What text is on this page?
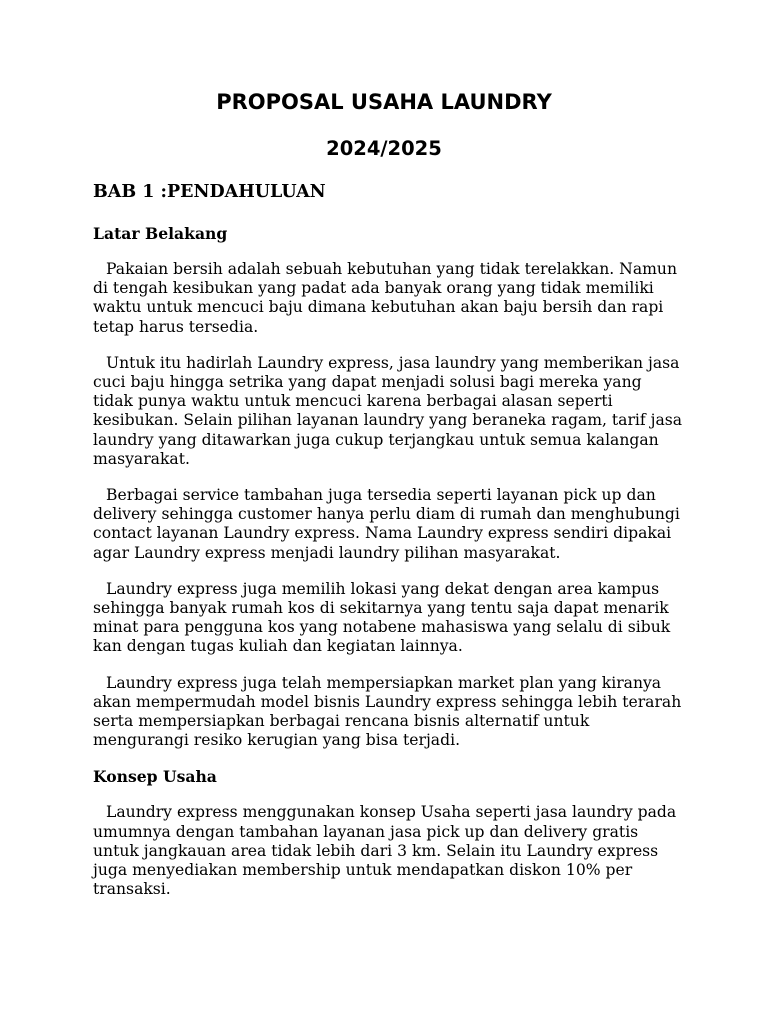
PROPOSAL USAHA LAUNDRY
2024/2025
BAB 1 :PENDAHULUAN
Latar Belakang

Pakaian bersih adalah sebuah kebutuhan yang tidak terelakkan. Namun di tengah kesibukan yang padat ada banyak orang yang tidak memiliki waktu untuk mencuci baju dimana kebutuhan akan baju bersih dan rapi tetap harus tersedia.

Untuk itu hadirlah Laundry express, jasa laundry yang memberikan jasa cuci baju hingga setrika yang dapat menjadi solusi bagi mereka yang tidak punya waktu untuk mencuci karena berbagai alasan seperti kesibukan. Selain pilihan layanan laundry yang beraneka ragam, tarif jasa laundry yang ditawarkan juga cukup terjangkau untuk semua kalangan masyarakat.

Berbagai service tambahan juga tersedia seperti layanan pick up dan delivery sehingga customer hanya perlu diam di rumah dan menghubungi contact layanan Laundry express. Nama Laundry express sendiri dipakai agar Laundry express menjadi laundry pilihan masyarakat.

Laundry express juga memilih lokasi yang dekat dengan area kampus sehingga banyak rumah kos di sekitarnya yang tentu saja dapat menarik minat para pengguna kos yang notabene mahasiswa yang selalu di sibuk kan dengan tugas kuliah dan kegiatan lainnya.

Laundry express juga telah mempersiapkan market plan yang kiranya akan mempermudah model bisnis Laundry express sehingga lebih terarah serta mempersiapkan berbagai rencana bisnis alternatif untuk mengurangi resiko kerugian yang bisa terjadi.

Konsep Usaha

Laundry express menggunakan konsep Usaha seperti jasa laundry pada umumnya dengan tambahan layanan jasa pick up dan delivery gratis untuk jangkauan area tidak lebih dari 3 km. Selain itu Laundry express juga menyediakan membership untuk mendapatkan diskon 10% per transaksi.
